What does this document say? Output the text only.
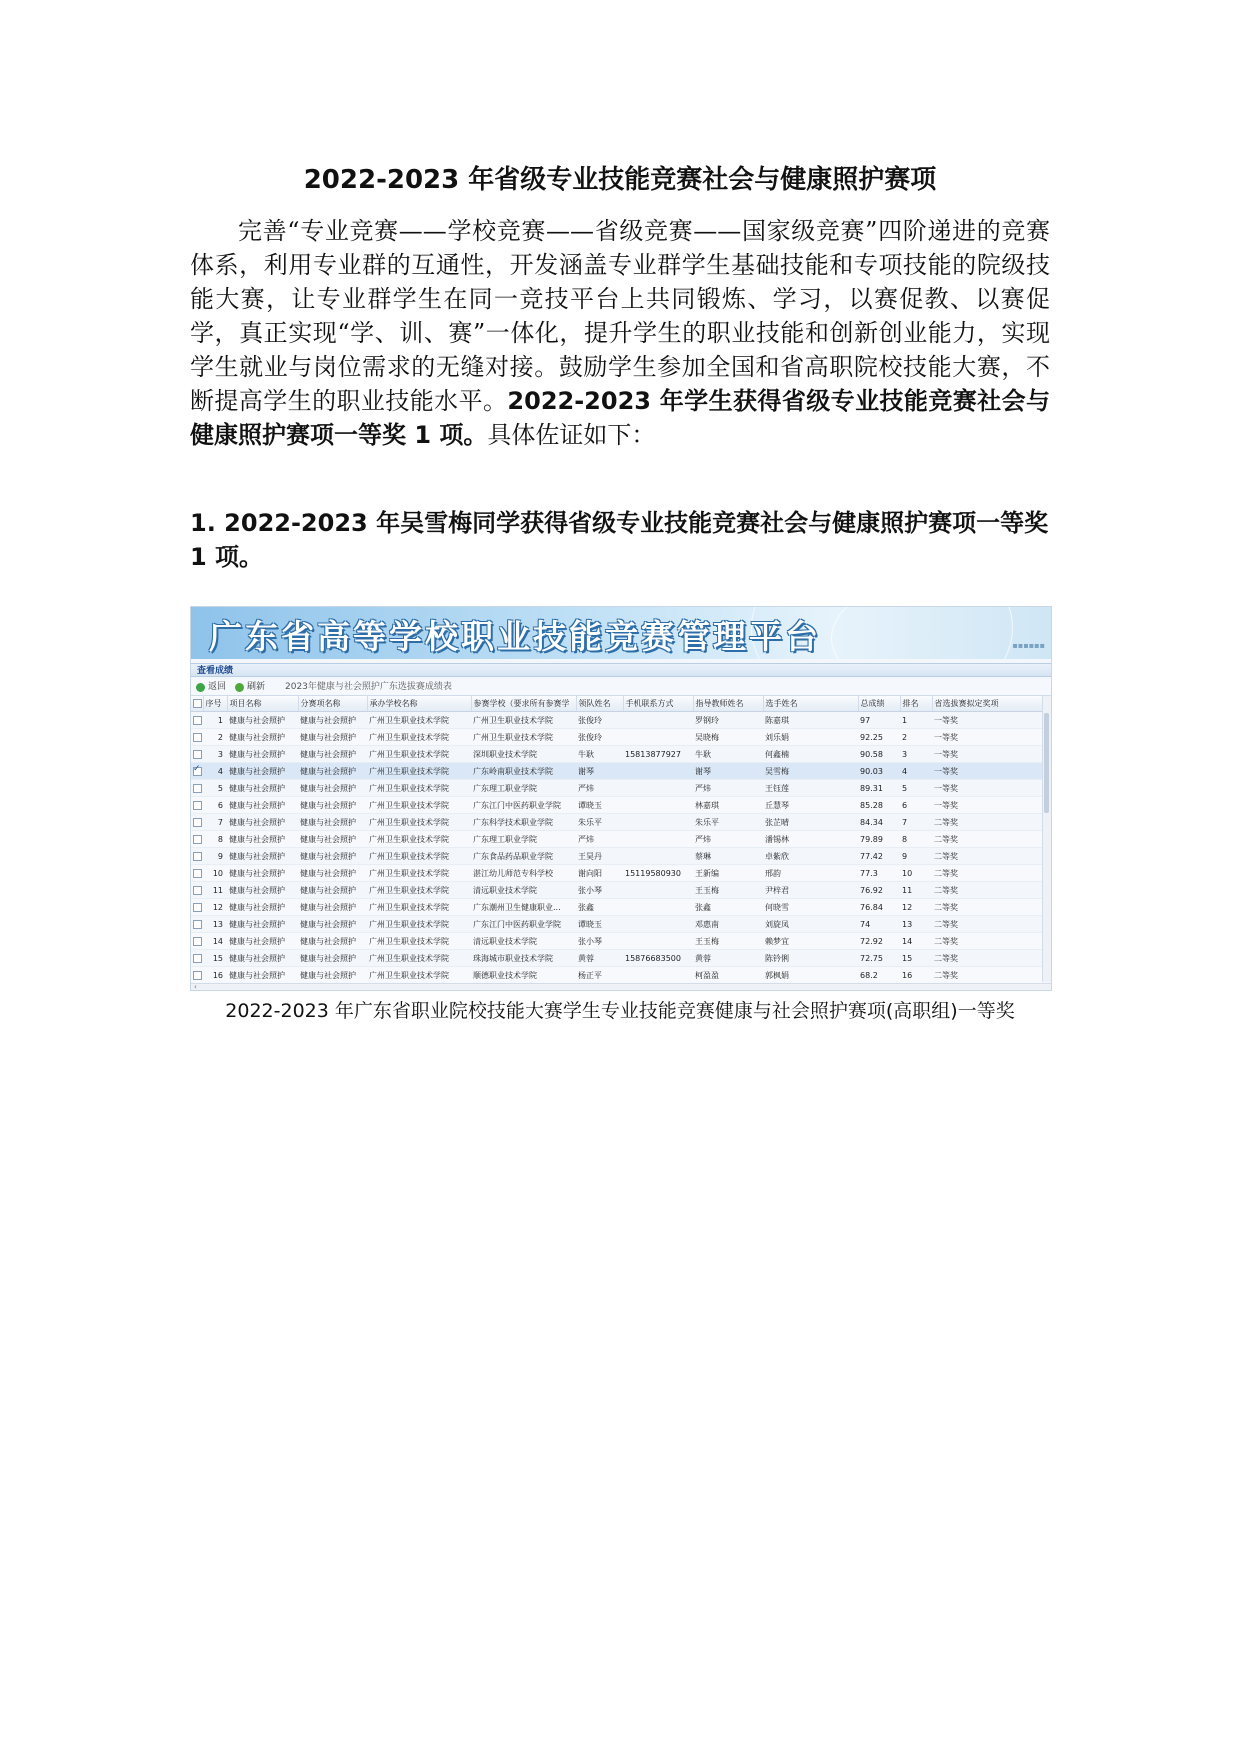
2022-2023 年省级专业技能竞赛社会与健康照护赛项
完善“专业竞赛——学校竞赛——省级竞赛——国家级竞赛”四阶递进的竞赛体系，利用专业群的互通性，开发涵盖专业群学生基础技能和专项技能的院级技能大赛，让专业群学生在同一竞技平台上共同锻炼、学习，以赛促教、以赛促学，真正实现“学、训、赛”一体化，提升学生的职业技能和创新创业能力，实现学生就业与岗位需求的无缝对接。鼓励学生参加全国和省高职院校技能大赛，不断提高学生的职业技能水平。2022-2023 年学生获得省级专业技能竞赛社会与健康照护赛项一等奖 1 项。具体佐证如下：
1. 2022-2023 年吴雪梅同学获得省级专业技能竞赛社会与健康照护赛项一等奖 1 项。
广东省高等学校职业技能竞赛管理平台	▪▪▪▪▪▪
查看成绩
返回 刷新 2023年健康与社会照护广东选拔赛成绩表
	序号	项目名称	分赛项名称	承办学校名称	参赛学校（要求所有参赛学	领队姓名	手机联系方式	指导教师姓名	选手姓名	总成绩	排名	省选拔赛拟定奖项
	1	健康与社会照护	健康与社会照护	广州卫生职业技术学院	广州卫生职业技术学院	张俊玲		罗钢玲	陈嘉琪	97	1	一等奖
	2	健康与社会照护	健康与社会照护	广州卫生职业技术学院	广州卫生职业技术学院	张俊玲		吴晓梅	刘乐娟	92.25	2	一等奖
	3	健康与社会照护	健康与社会照护	广州卫生职业技术学院	深圳职业技术学院	牛耿	15813877927	牛耿	何鑫楠	90.58	3	一等奖
✓	4	健康与社会照护	健康与社会照护	广州卫生职业技术学院	广东岭南职业技术学院	谢琴		谢琴	吴雪梅	90.03	4	一等奖
	5	健康与社会照护	健康与社会照护	广州卫生职业技术学院	广东理工职业学院	严炜		严炜	王钰莲	89.31	5	一等奖
	6	健康与社会照护	健康与社会照护	广州卫生职业技术学院	广东江门中医药职业学院	谭晓玉		林嘉琪	丘慧琴	85.28	6	一等奖
	7	健康与社会照护	健康与社会照护	广州卫生职业技术学院	广东科学技术职业学院	朱乐平		朱乐平	张芷晴	84.34	7	二等奖
	8	健康与社会照护	健康与社会照护	广州卫生职业技术学院	广东理工职业学院	严炜		严炜	潘锡林	79.89	8	二等奖
	9	健康与社会照护	健康与社会照护	广州卫生职业技术学院	广东食品药品职业学院	王昊丹		蔡琳	卓紫欣	77.42	9	二等奖
	10	健康与社会照护	健康与社会照护	广州卫生职业技术学院	湛江幼儿师范专科学校	谢向阳	15119580930	王新编	邢韵	77.3	10	二等奖
	11	健康与社会照护	健康与社会照护	广州卫生职业技术学院	清远职业技术学院	张小琴		王玉梅	尹梓君	76.92	11	二等奖
	12	健康与社会照护	健康与社会照护	广州卫生职业技术学院	广东潮州卫生健康职业...	张鑫		张鑫	何晓雪	76.84	12	二等奖
	13	健康与社会照护	健康与社会照护	广州卫生职业技术学院	广东江门中医药职业学院	谭晓玉		邓惠南	刘旋凤	74	13	二等奖
	14	健康与社会照护	健康与社会照护	广州卫生职业技术学院	清远职业技术学院	张小琴		王玉梅	赖梦宜	72.92	14	二等奖
	15	健康与社会照护	健康与社会照护	广州卫生职业技术学院	珠海城市职业技术学院	黄蓉	15876683500	黄蓉	陈钤俐	72.75	15	二等奖
	16	健康与社会照护	健康与社会照护	广州卫生职业技术学院	顺德职业技术学院	杨正平		柯盈盈	郭枫娟	68.2	16	二等奖
‹
2022-2023 年广东省职业院校技能大赛学生专业技能竞赛健康与社会照护赛项(高职组)一等奖
